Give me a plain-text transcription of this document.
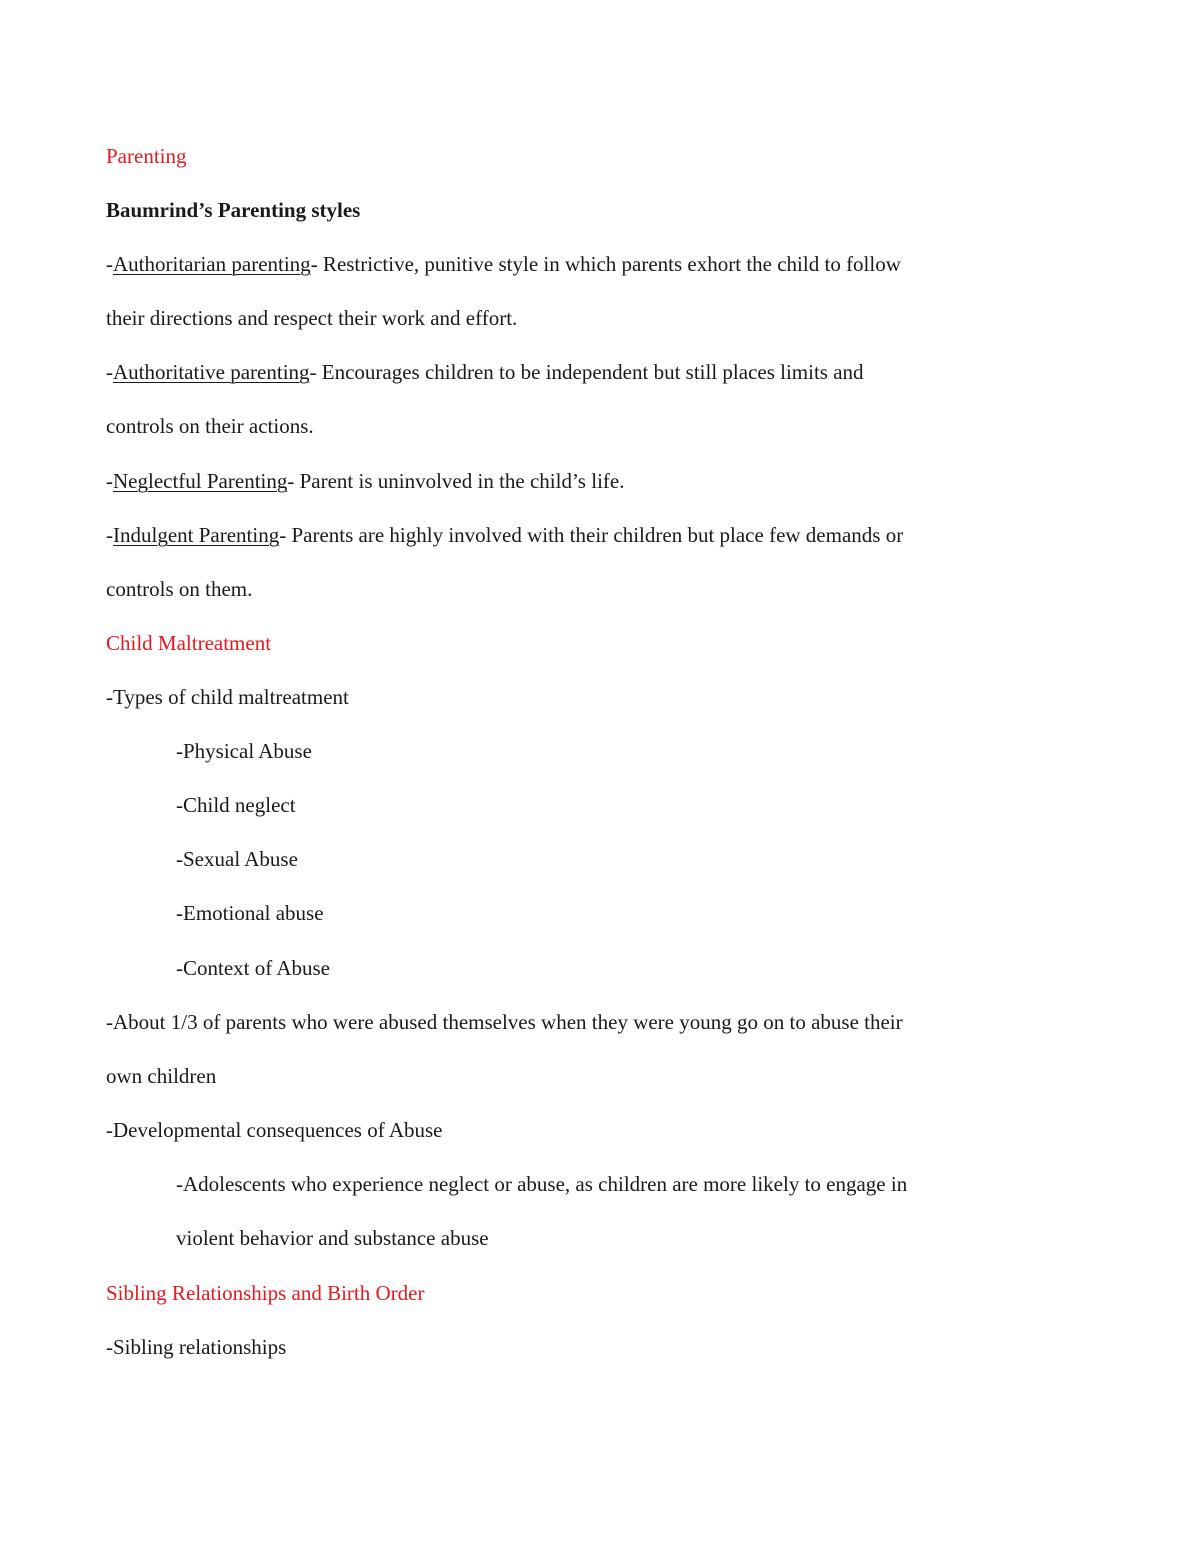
Parenting

Baumrind’s Parenting styles

-Authoritarian parenting- Restrictive, punitive style in which parents exhort the child to follow

their directions and respect their work and effort.

-Authoritative parenting- Encourages children to be independent but still places limits and

controls on their actions.

-Neglectful Parenting- Parent is uninvolved in the child’s life.

-Indulgent Parenting- Parents are highly involved with their children but place few demands or

controls on them.

Child Maltreatment

-Types of child maltreatment

-Physical Abuse

-Child neglect

-Sexual Abuse

-Emotional abuse

-Context of Abuse

-About 1/3 of parents who were abused themselves when they were young go on to abuse their

own children

-Developmental consequences of Abuse

-Adolescents who experience neglect or abuse, as children are more likely to engage in

violent behavior and substance abuse

Sibling Relationships and Birth Order

-Sibling relationships
